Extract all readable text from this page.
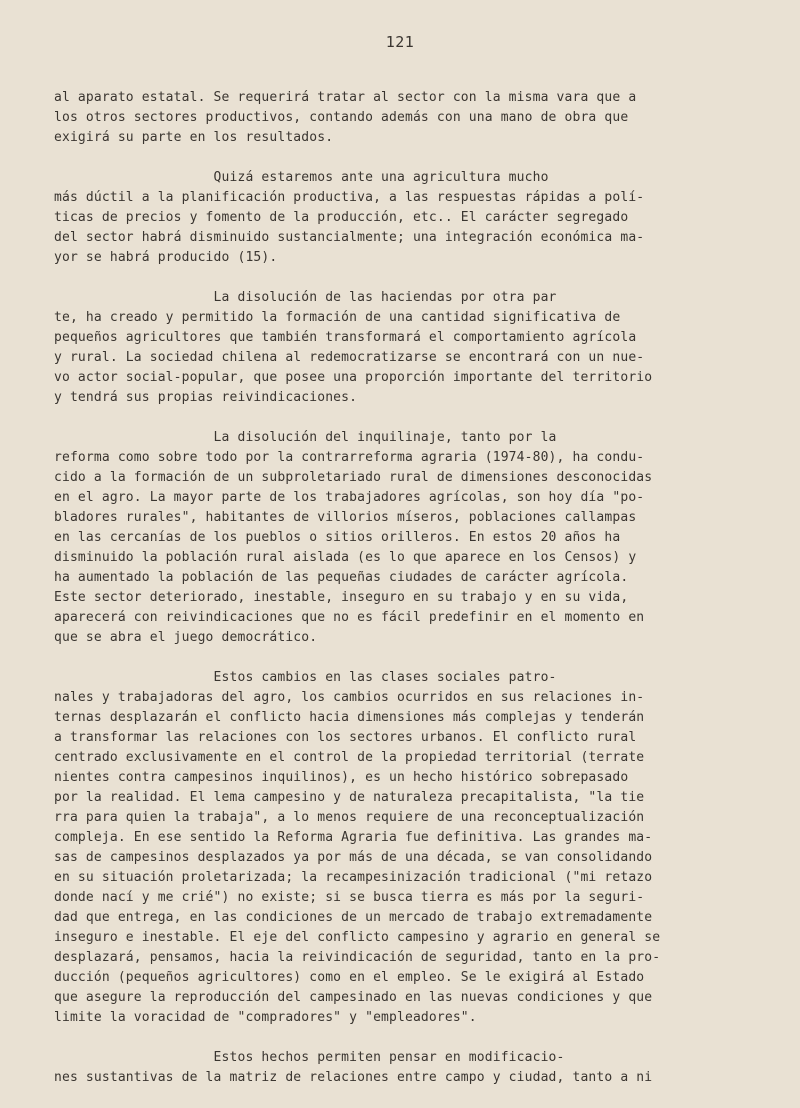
121
al aparato estatal. Se requerirá tratar al sector con la misma vara que a
los otros sectores productivos, contando además con una mano de obra que
exigirá su parte en los resultados.
Quizá estaremos ante una agricultura mucho
más dúctil a la planificación productiva, a las respuestas rápidas a polí-
ticas de precios y fomento de la producción, etc.. El carácter segregado
del sector habrá disminuido sustancialmente; una integración económica ma-
yor se habrá producido (15).
La disolución de las haciendas por otra par
te, ha creado y permitido la formación de una cantidad significativa de
pequeños agricultores que también transformará el comportamiento agrícola
y rural. La sociedad chilena al redemocratizarse se encontrará con un nue-
vo actor social-popular, que posee una proporción importante del territorio
y tendrá sus propias reivindicaciones.
La disolución del inquilinaje, tanto por la
reforma como sobre todo por la contrarreforma agraria (1974-80), ha condu-
cido a la formación de un subproletariado rural de dimensiones desconocidas
en el agro. La mayor parte de los trabajadores agrícolas, son hoy día "po-
bladores rurales", habitantes de villorios míseros, poblaciones callampas
en las cercanías de los pueblos o sitios orilleros. En estos 20 años ha
disminuido la población rural aislada (es lo que aparece en los Censos) y
ha aumentado la población de las pequeñas ciudades de carácter agrícola.
Este sector deteriorado, inestable, inseguro en su trabajo y en su vida,
aparecerá con reivindicaciones que no es fácil predefinir en el momento en
que se abra el juego democrático.
Estos cambios en las clases sociales patro-
nales y trabajadoras del agro, los cambios ocurridos en sus relaciones in-
ternas desplazarán el conflicto hacia dimensiones más complejas y tenderán
a transformar las relaciones con los sectores urbanos. El conflicto rural
centrado exclusivamente en el control de la propiedad territorial (terrate
nientes contra campesinos inquilinos), es un hecho histórico sobrepasado
por la realidad. El lema campesino y de naturaleza precapitalista, "la tie
rra para quien la trabaja", a lo menos requiere de una reconceptualización
compleja. En ese sentido la Reforma Agraria fue definitiva. Las grandes ma-
sas de campesinos desplazados ya por más de una década, se van consolidando
en su situación proletarizada; la recampesinización tradicional ("mi retazo
donde nací y me crié") no existe; si se busca tierra es más por la seguri-
dad que entrega, en las condiciones de un mercado de trabajo extremadamente
inseguro e inestable. El eje del conflicto campesino y agrario en general se
desplazará, pensamos, hacia la reivindicación de seguridad, tanto en la pro-
ducción (pequeños agricultores) como en el empleo. Se le exigirá al Estado
que asegure la reproducción del campesinado en las nuevas condiciones y que
limite la voracidad de "compradores" y "empleadores".
Estos hechos permiten pensar en modificacio-
nes sustantivas de la matriz de relaciones entre campo y ciudad, tanto a ni
